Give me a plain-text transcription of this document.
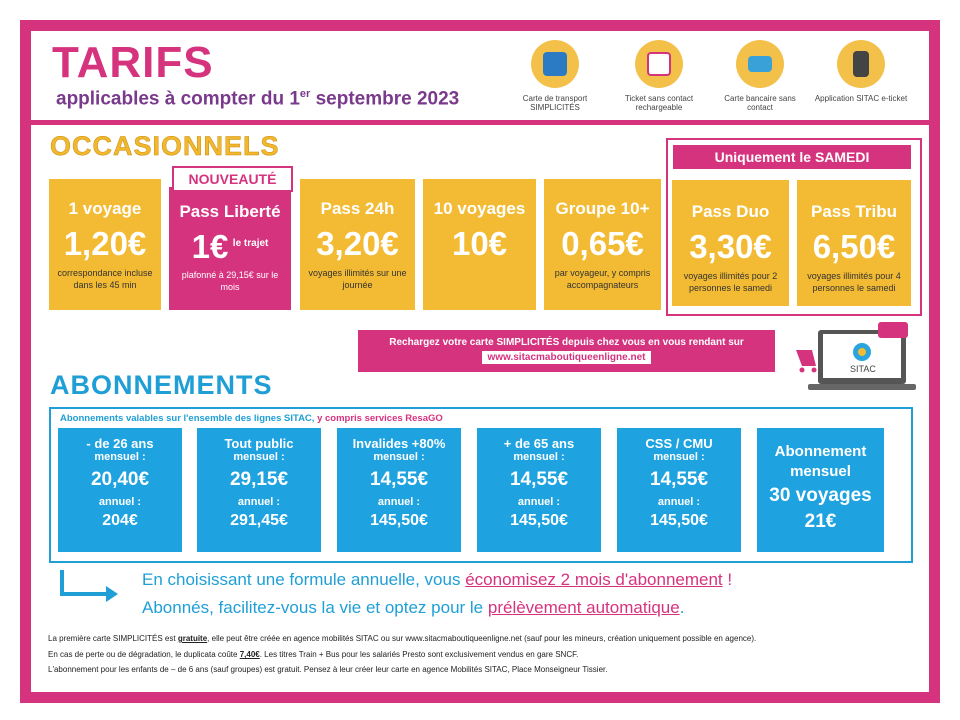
TARIFS
applicables à compter du 1er septembre 2023	Carte de transport SIMPLICITÉS
Ticket sans contact rechargeable
Carte bancaire sans contact
Application SITAC e-ticket
OCCASIONNELS
1 voyage
1,20€
correspondance incluse dans les 45 min
Pass Liberté
1€ $^{le trajet}$
plafonné à 29,15€ sur le mois
NOUVEAUTÉ
Pass 24h
3,20€
voyages illimités sur une journée
10 voyages
10€
Groupe 10+
0,65€
par voyageur, y compris accompagnateurs
Uniquement le SAMEDI
Pass Duo
3,30€
voyages illimités pour 2 personnes le samedi
Pass Tribu
6,50€
voyages illimités pour 4 personnes le samedi
Rechargez votre carte SIMPLICITÉS depuis chez vous en vous rendant sur
www.sitacmaboutiqueenligne.net
SITAC
ABONNEMENTS
Abonnements valables sur l'ensemble des lignes SITAC, y compris services ResaGO
- de 26 ans
mensuel :
20,40€
annuel :
204€
Tout public
mensuel :
29,15€
annuel :
291,45€
Invalides +80%
mensuel :
14,55€
annuel :
145,50€
+ de 65 ans
mensuel :
14,55€
annuel :
145,50€
CSS / CMU
mensuel :
14,55€
annuel :
145,50€
Abonnement
mensuel
30 voyages
21€
En choisissant une formule annuelle, vous économisez 2 mois d'abonnement !
Abonnés, facilitez-vous la vie et optez pour le prélèvement automatique.
La première carte SIMPLICITÉS est gratuite, elle peut être créée en agence mobilités SITAC ou sur www.sitacmaboutiqueenligne.net (sauf pour les mineurs, création uniquement possible en agence).
En cas de perte ou de dégradation, le duplicata coûte 7,40€. Les titres Train + Bus pour les salariés Presto sont exclusivement vendus en gare SNCF.
L'abonnement pour les enfants de – de 6 ans (sauf groupes) est gratuit. Pensez à leur créer leur carte en agence Mobilités SITAC, Place Monseigneur Tissier.
